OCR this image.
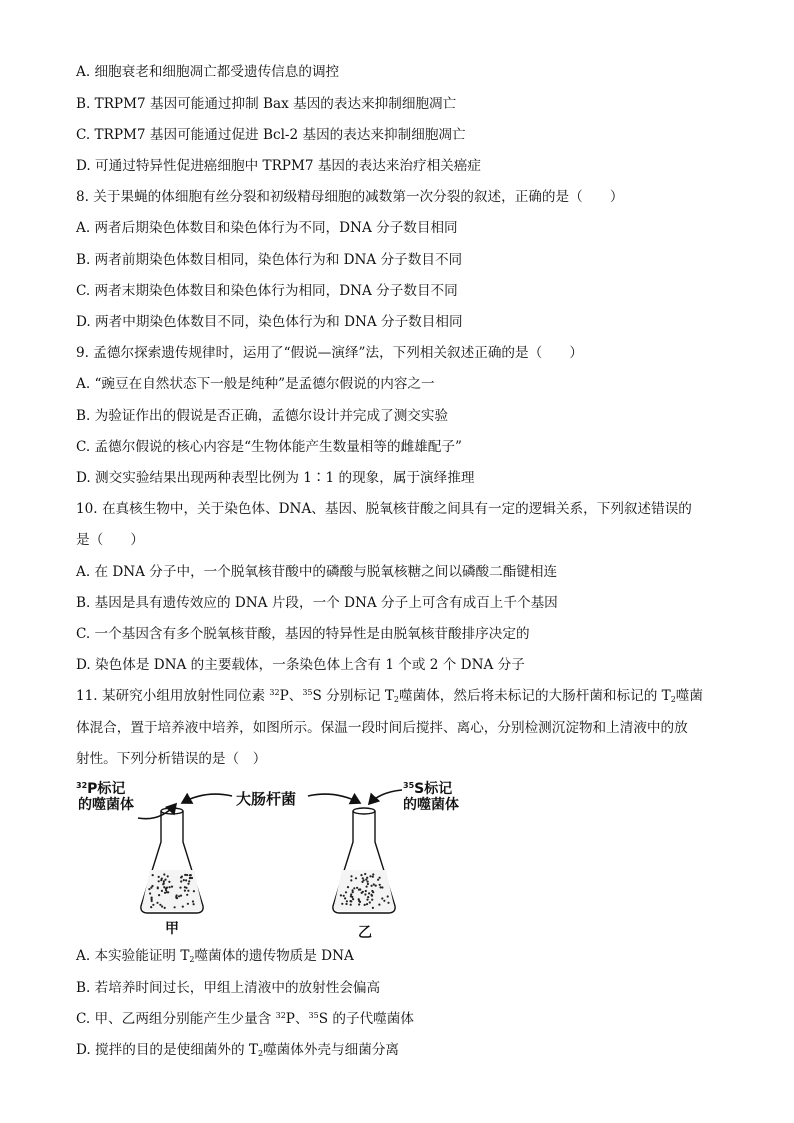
A. 细胞衰老和细胞凋亡都受遗传信息的调控
B. TRPM7 基因可能通过抑制 Bax 基因的表达来抑制细胞凋亡
C. TRPM7 基因可能通过促进 Bcl-2 基因的表达来抑制细胞凋亡
D. 可通过特异性促进癌细胞中 TRPM7 基因的表达来治疗相关癌症
8. 关于果蝇的体细胞有丝分裂和初级精母细胞的减数第一次分裂的叙述，正确的是（　　）
A. 两者后期染色体数目和染色体行为不同，DNA 分子数目相同
B. 两者前期染色体数目相同，染色体行为和 DNA 分子数目不同
C. 两者末期染色体数目和染色体行为相同，DNA 分子数目不同
D. 两者中期染色体数目不同，染色体行为和 DNA 分子数目相同
9. 孟德尔探索遗传规律时，运用了“假说—演绎”法，下列相关叙述正确的是（　　）
A. “豌豆在自然状态下一般是纯种”是孟德尔假说的内容之一
B. 为验证作出的假说是否正确，孟德尔设计并完成了测交实验
C. 孟德尔假说的核心内容是“生物体能产生数量相等的雌雄配子”
D. 测交实验结果出现两种表型比例为 1∶1 的现象，属于演绎推理
10. 在真核生物中，关于染色体、DNA、基因、脱氧核苷酸之间具有一定的逻辑关系，下列叙述错误的
是（　　）
A. 在 DNA 分子中，一个脱氧核苷酸中的磷酸与脱氧核糖之间以磷酸二酯键相连
B. 基因是具有遗传效应的 DNA 片段，一个 DNA 分子上可含有成百上千个基因
C. 一个基因含有多个脱氧核苷酸，基因的特异性是由脱氧核苷酸排序决定的
D. 染色体是 DNA 的主要载体，一条染色体上含有 1 个或 2 个 DNA 分子
11. 某研究小组用放射性同位素 $^{32}$P、$^{35}$S 分别标记 $T_2$噬菌体，然后将未标记的大肠杆菌和标记的 $T_2$噬菌
体混合，置于培养液中培养，如图所示。保温一段时间后搅拌、离心，分别检测沉淀物和上清液中的放
射性。下列分析错误的是（　）
$^{32}$P标记
的噬菌体	大肠杆菌
$^{35}$S标记
的噬菌体
甲	乙
A. 本实验能证明 $T_2$噬菌体的遗传物质是 DNA
B. 若培养时间过长，甲组上清液中的放射性会偏高
C. 甲、乙两组分别能产生少量含 $^{32}$P、$^{35}$S 的子代噬菌体
D. 搅拌的目的是使细菌外的 $T_2$噬菌体外壳与细菌分离
